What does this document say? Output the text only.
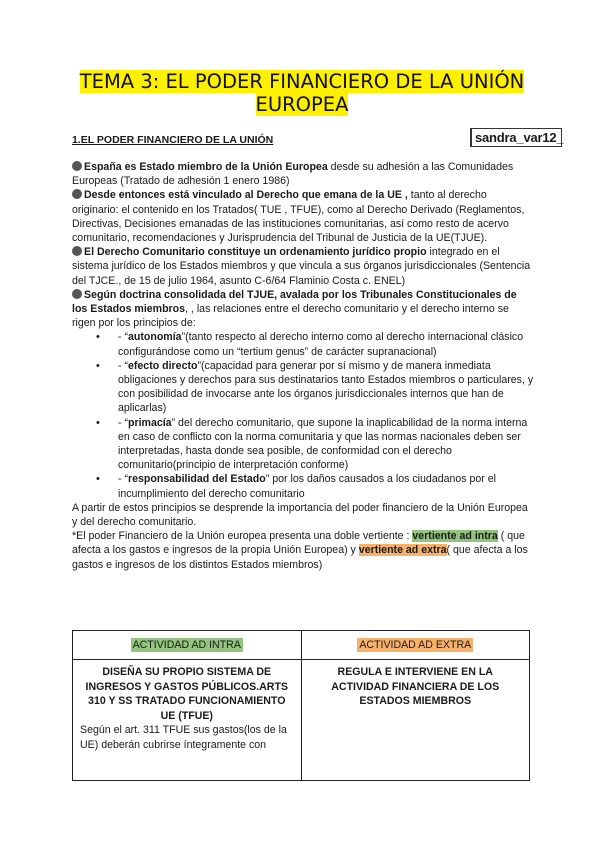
TEMA 3: EL PODER FINANCIERO DE LA UNIÓN EUROPEA
1.EL PODER FINANCIERO DE LA UNIÓN	sandra_var12_

España es Estado miembro de la Unión Europea desde su adhesión a las Comunidades Europeas (Tratado de adhesión 1 enero 1986)

Desde entonces está vinculado al Derecho que emana de la UE , tanto al derecho originario: el contenido en los Tratados( TUE , TFUE), como al Derecho Derivado (Reglamentos, Directivas, Decisiones emanadas de las instituciones comunitarias, así como resto de acervo comunitario, recomendaciones y Jurisprudencia del Tribunal de Justicia de la UE(TJUE).

El Derecho Comunitario constituye un ordenamiento jurídico propio integrado en el sistema jurídico de los Estados miembros y que vincula a sus órganos jurisdiccionales (Sentencia del TJCE., de 15 de julio 1964, asunto C-6/64 Flaminio Costa c. ENEL)

Según doctrina consolidada del TJUE, avalada por los Tribunales Constitucionales de los Estados miembros, , las relaciones entre el derecho comunitario y el derecho interno se rigen por los principios de:

• - “autonomía”(tanto respecto al derecho interno como al derecho internacional clásico configurándose como un “tertium genus” de carácter supranacional)
• - “efecto directo”(capacidad para generar por sí mismo y de manera inmediata obligaciones y derechos para sus destinatarios tanto Estados miembros o particulares, y con posibilidad de invocarse ante los órganos jurisdiccionales internos que han de aplicarlas)
• - “primacía” del derecho comunitario, que supone la inaplicabilidad de la norma interna en caso de conflicto con la norma comunitaria y que las normas nacionales deben ser interpretadas, hasta donde sea posible, de conformidad con el derecho comunitario(principio de interpretación conforme)
• - “responsabilidad del Estado” por los daños causados a los ciudadanos por el incumplimiento del derecho comunitario

A partir de estos principios se desprende la importancia del poder financiero de la Unión Europea y del derecho comunitario.

*El poder Financiero de la Unión europea presenta una doble vertiente : vertiente ad intra ( que afecta a los gastos e ingresos de la propia Unión Europea) y vertiente ad extra( que afecta a los gastos e ingresos de los distintos Estados miembros)

ACTIVIDAD AD INTRA	ACTIVIDAD AD EXTRA

DISEÑA SU PROPIO SISTEMA DE INGRESOS Y GASTOS PÚBLICOS.ARTS 310 Y SS TRATADO FUNCIONAMIENTO UE (TFUE)
Según el art. 311 TFUE sus gastos(los de la UE) deberán cubrirse íntegramente con	REGULA E INTERVIENE EN LA ACTIVIDAD FINANCIERA DE LOS ESTADOS MIEMBROS
